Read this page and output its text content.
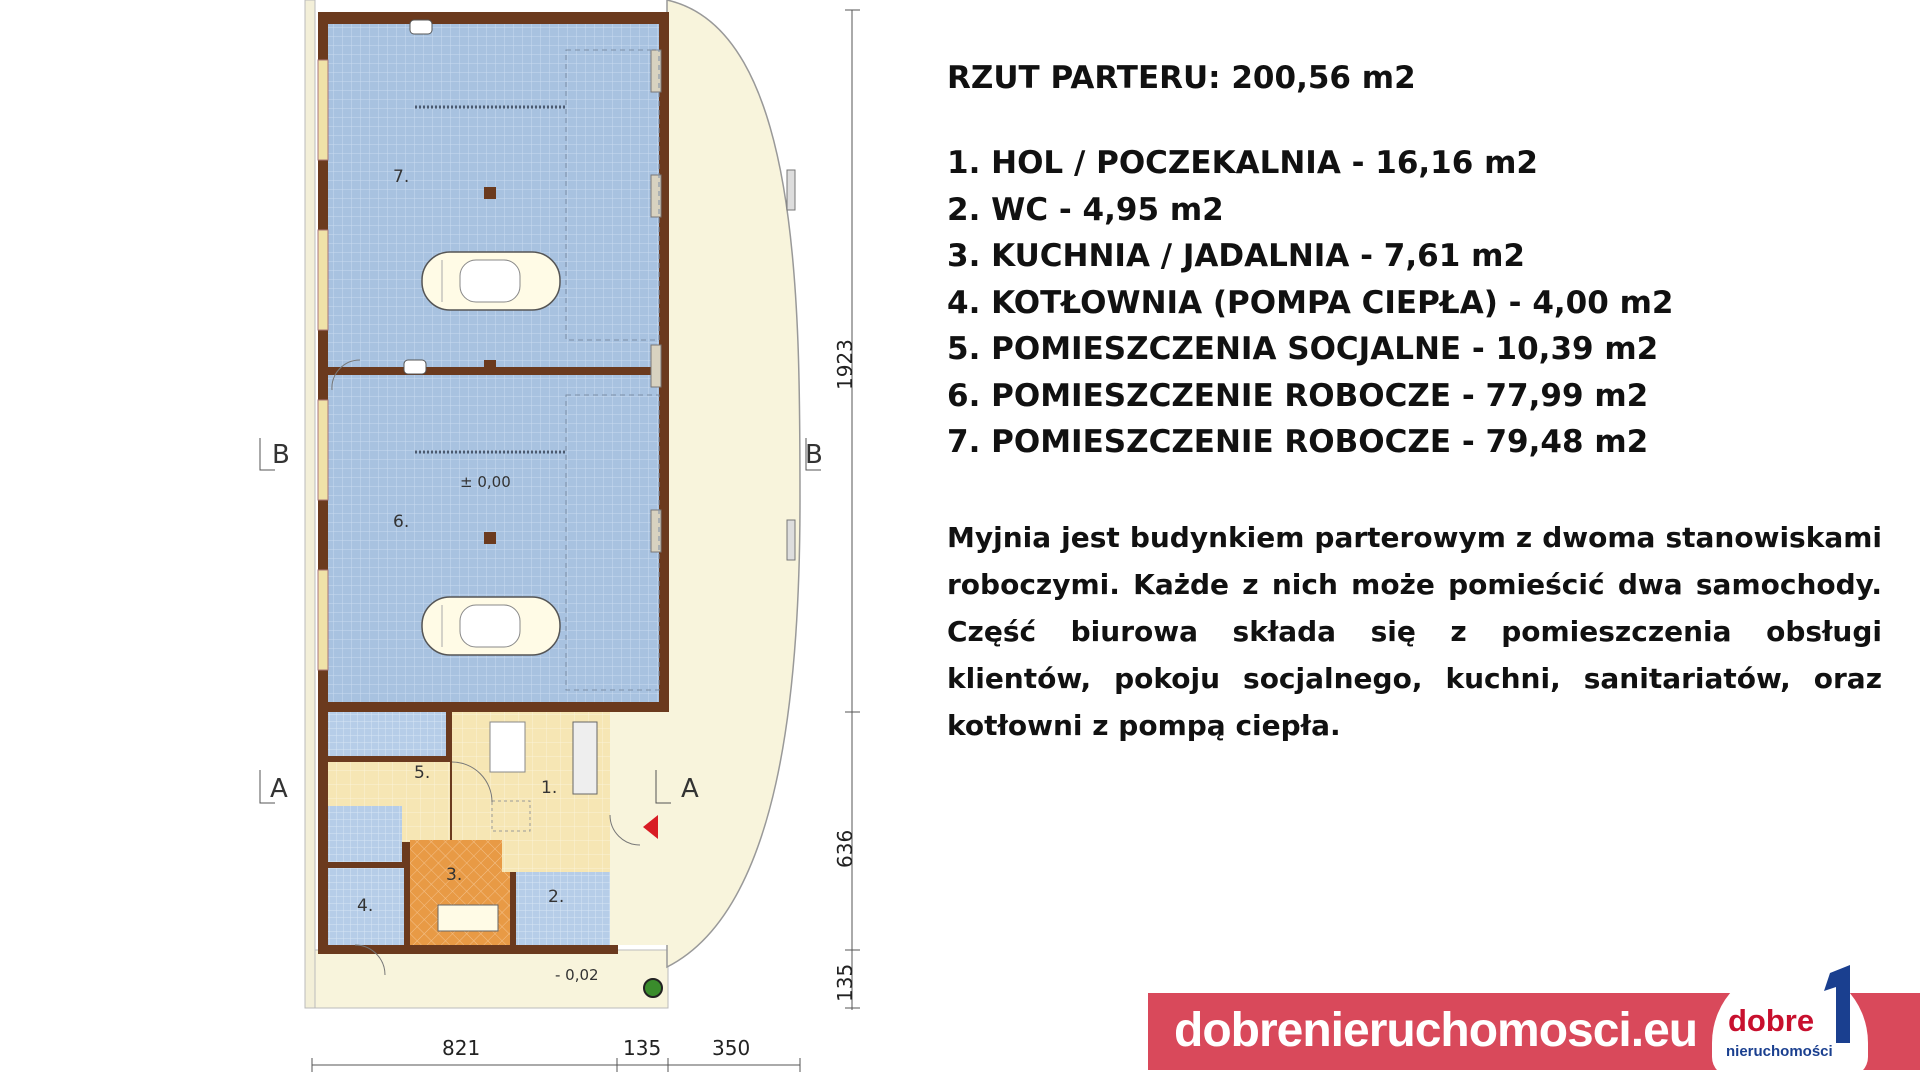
7.
6.
1.
2.
3.
4.
5.
± 0,00
- 0,02
B	B
A	A
821	135	350
1923
636
135

RZUT PARTERU: 200,56 m2

1. HOL / POCZEKALNIA - 16,16 m2
2. WC - 4,95 m2
3. KUCHNIA / JADALNIA - 7,61 m2
4. KOTŁOWNIA (POMPA CIEPŁA) - 4,00 m2
5. POMIESZCZENIA SOCJALNE - 10,39 m2
6. POMIESZCZENIE ROBOCZE - 77,99 m2
7. POMIESZCZENIE ROBOCZE - 79,48 m2

Myjnia jest budynkiem parterowym z dwoma stanowiskami roboczymi. Każde z nich może pomieścić dwa samochody. Część biurowa składa się z pomieszczenia obsługi klientów, pokoju socjalnego, kuchni, sanitariatów, oraz kotłowni z pompą ciepła.

dobrenieruchomosci.eu dobre
nieruchomości
